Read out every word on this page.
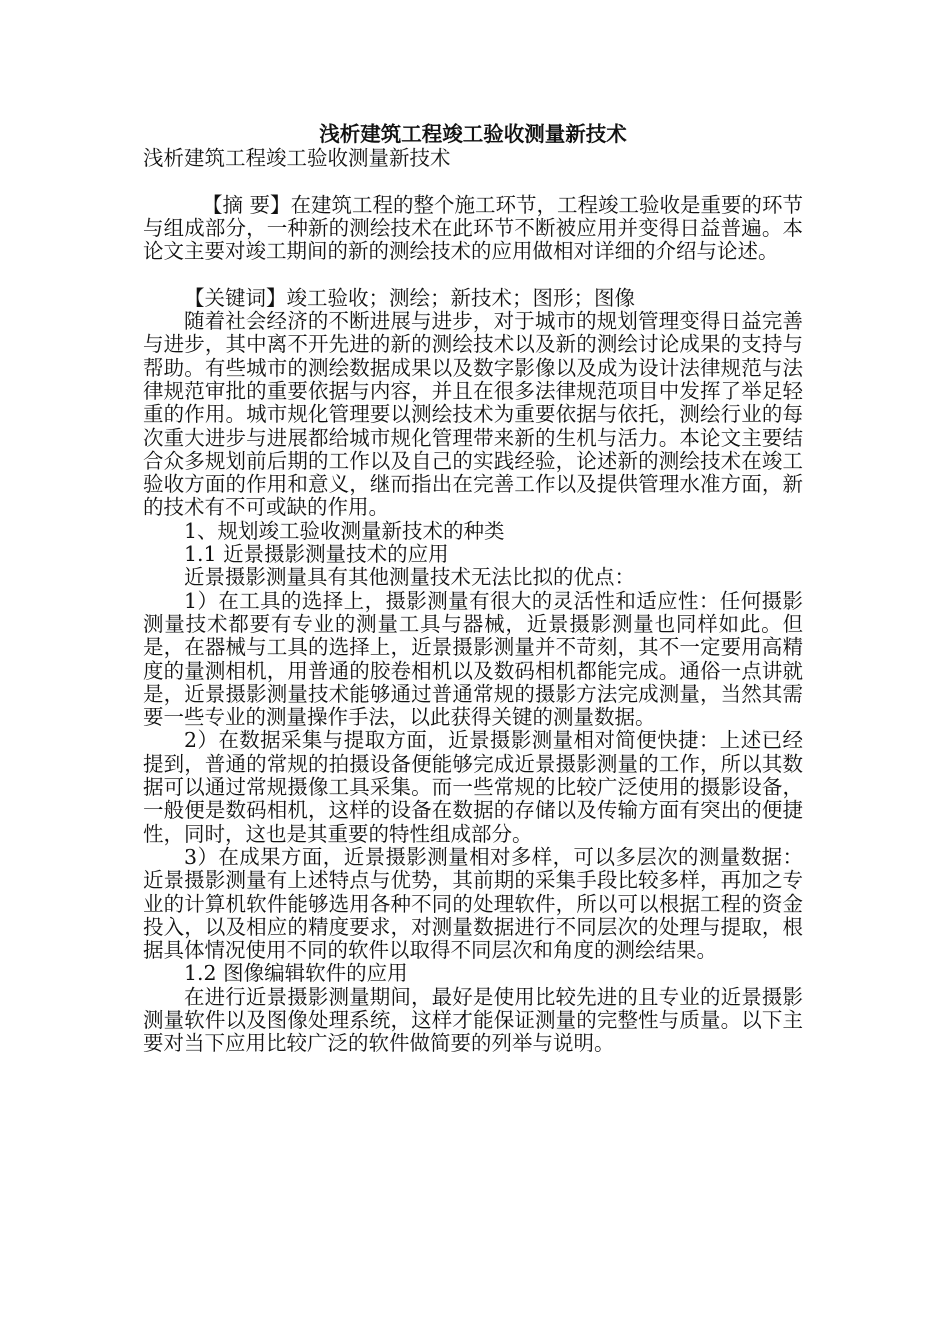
浅析建筑工程竣工验收测量新技术

浅析建筑工程竣工验收测量新技术

【摘 要】在建筑工程的整个施工环节，工程竣工验收是重要的环节与组成部分，一种新的测绘技术在此环节不断被应用并变得日益普遍。本论文主要对竣工期间的新的测绘技术的应用做相对详细的介绍与论述。

【关键词】竣工验收；测绘；新技术；图形；图像

随着社会经济的不断进展与进步，对于城市的规划管理变得日益完善与进步，其中离不开先进的新的测绘技术以及新的测绘讨论成果的支持与帮助。有些城市的测绘数据成果以及数字影像以及成为设计法律规范与法律规范审批的重要依据与内容，并且在很多法律规范项目中发挥了举足轻重的作用。城市规化管理要以测绘技术为重要依据与依托，测绘行业的每次重大进步与进展都给城市规化管理带来新的生机与活力。本论文主要结合众多规划前后期的工作以及自己的实践经验，论述新的测绘技术在竣工验收方面的作用和意义，继而指出在完善工作以及提供管理水准方面，新的技术有不可或缺的作用。

1、规划竣工验收测量新技术的种类

1.1 近景摄影测量技术的应用

近景摄影测量具有其他测量技术无法比拟的优点：

1）在工具的选择上，摄影测量有很大的灵活性和适应性：任何摄影测量技术都要有专业的测量工具与器械，近景摄影测量也同样如此。但是，在器械与工具的选择上，近景摄影测量并不苛刻，其不一定要用高精度的量测相机，用普通的胶卷相机以及数码相机都能完成。通俗一点讲就是，近景摄影测量技术能够通过普通常规的摄影方法完成测量，当然其需要一些专业的测量操作手法，以此获得关键的测量数据。

2）在数据采集与提取方面，近景摄影测量相对简便快捷：上述已经提到，普通的常规的拍摄设备便能够完成近景摄影测量的工作，所以其数据可以通过常规摄像工具采集。而一些常规的比较广泛使用的摄影设备，一般便是数码相机，这样的设备在数据的存储以及传输方面有突出的便捷性，同时，这也是其重要的特性组成部分。

3）在成果方面，近景摄影测量相对多样，可以多层次的测量数据：近景摄影测量有上述特点与优势，其前期的采集手段比较多样，再加之专业的计算机软件能够选用各种不同的处理软件，所以可以根据工程的资金投入，以及相应的精度要求，对测量数据进行不同层次的处理与提取，根据具体情况使用不同的软件以取得不同层次和角度的测绘结果。

1.2 图像编辑软件的应用

在进行近景摄影测量期间，最好是使用比较先进的且专业的近景摄影测量软件以及图像处理系统，这样才能保证测量的完整性与质量。以下主要对当下应用比较广泛的软件做简要的列举与说明。
